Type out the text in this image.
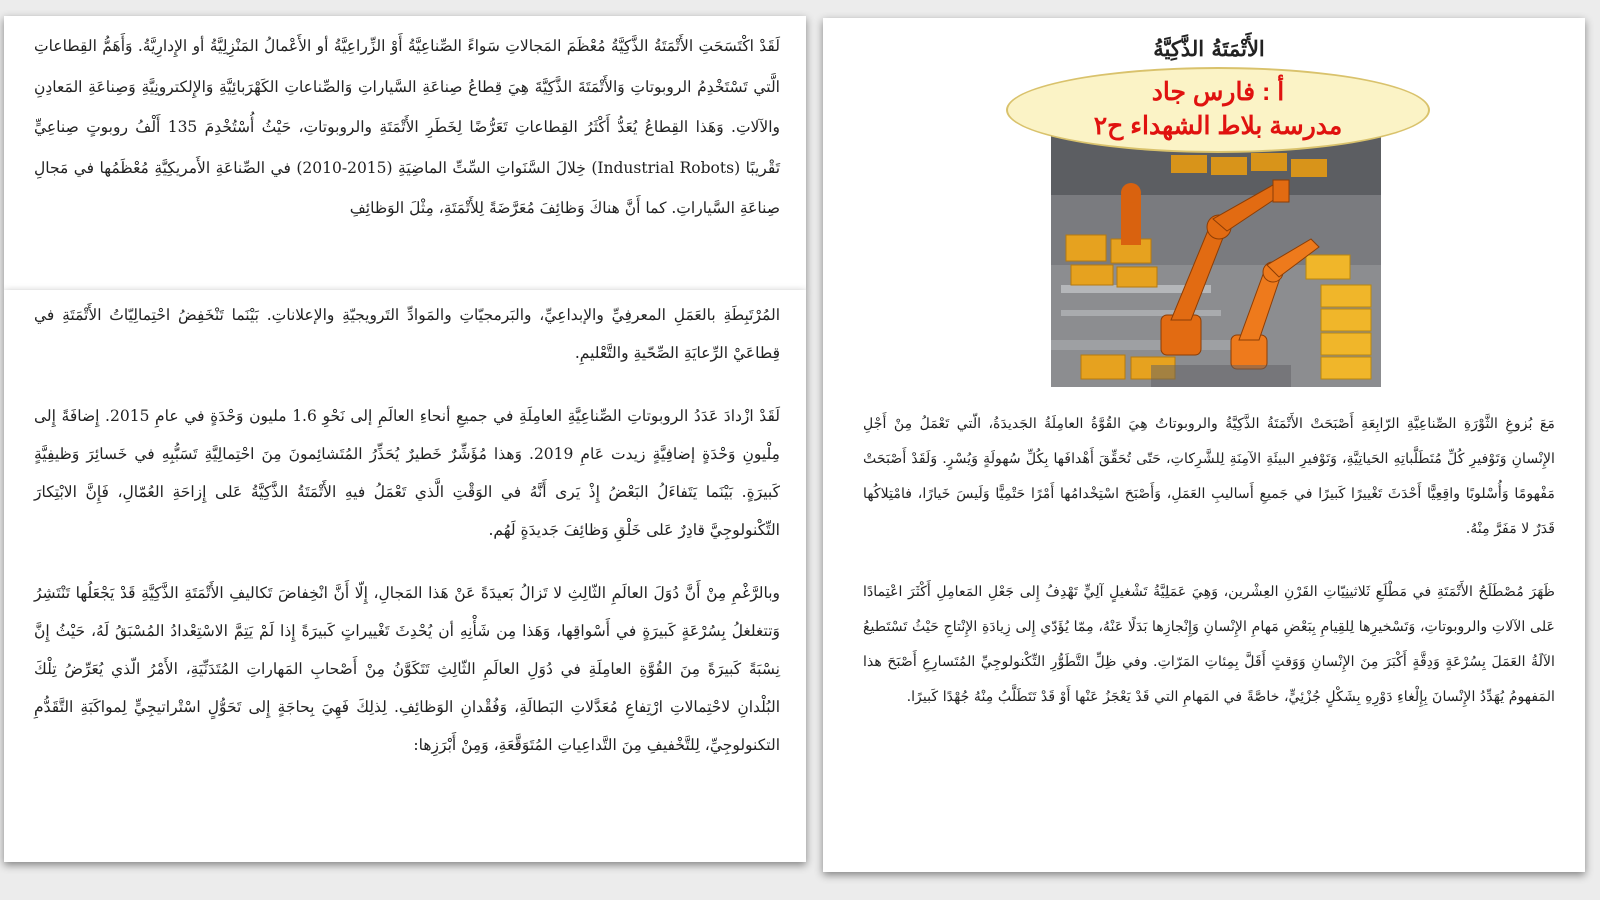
لَقَدْ اكْتَسَحَتِ الأَتْمَتَةُ الذَّكِيَّةُ مُعْظَمَ المَجالاتِ سَواءً الصِّناعِيَّةُ أَوْ الزِّراعِيَّةُ أو الأَعْمالُ المَنْزِلِيَّةُ أو الإِدارِيَّةُ. وَأَهَمُّ القِطاعاتِ الَّتي تَسْتَخْدِمُ الروبوتاتِ وَالأَتْمَتَةَ الذَّكِيَّةَ هِيَ قِطاعُ صِناعَةِ السَّياراتِ وَالصِّناعاتِ الكَهْرَبائِيَّةِ وَالإِلكترونِيَّةِ وَصِناعَةِ المَعادِنِ والآلاتِ. وَهَذا القِطاعُ يُعَدُّ أَكْثَرُ القِطاعاتِ تَعَرُّضًا لِخَطَرِ الأَتْمَتَةِ والروبوتاتِ، حَيْثُ أُسْتُخْدِمَ 135 أَلْفُ روبوتٍ صِناعِيٍّ تَقْريبًا (Industrial Robots) خِلالَ السَّنَواتِ السِّتِّ الماضِيَةِ (2015-2010) في الصِّناعَةِ الأَمريكِيَّةِ مُعْظَمُها في مَجالِ صِناعَةِ السَّياراتِ. كما أَنَّ هناكَ وَظائِفَ مُعَرَّضَةً لِلأَتْمَتَةِ، مِثْلَ الوَظائِفِ

المُرْتَبِطَةِ بالعَمَلِ المعرفِيِّ والإبداعِيِّ، والبَرمجيّاتِ والمَوادِّ التَرويجيّةِ والإعلاناتِ. بَيْنَما تَنْخَفِضُ احْتِمالِيّاتُ الأَتْمَتَةِ في قِطاعَيْ الرِّعايَةِ الصِّحّيةِ والتَّعْليمِ.

لَقَدْ ازْدادَ عَدَدُ الروبوتاتِ الصِّناعِيَّةِ العامِلَةِ في جميعِ أنحاءِ العالَمِ إلى نَحْوِ 1.6 مليون وَحْدَةٍ في عامِ 2015. إِضافَةً إِلى مِلْيونِ وَحْدَةٍ إضافِيَّةٍ زيدت عَامِ 2019. وَهذا مُؤَشِّرٌ خَطيرٌ يُحَذِّرُ المُتَشائِمونَ مِنَ احْتِمالِيَّةِ تَسَبُّبِهِ في خَسائِرَ وَظيفِيَّةٍ كَبيرَةٍ. بَيْنَما يَتَفاءَلُ البَعْضُ إِذْ يَرى أَنَّهُ في الوَقْتِ الَّذي تَعْمَلُ فيهِ الأَتْمَتَةُ الذَّكِيَّةُ عَلى إِزاحَةِ العُمّالِ، فَإِنَّ الابْتِكارَ التِّكْنولوجِيَّ قادِرٌ عَلى خَلْقِ وَظائِفَ جَديدَةٍ لَهُم.

وبالرَّغْمِ مِنْ أَنَّ دُوَلَ العالَمِ الثّالِثِ لا تَزالُ بَعيدَةً عَنْ هَذا المَجالِ، إِلّا أَنَّ انْخِفاضَ تَكاليفِ الأَتْمَتَةِ الذَّكِيَّةِ قَدْ يَجْعَلُها تَنْتَشِرُ وَتتغلغلُ بِسُرْعَةٍ كَبيرَةٍ في أَسْواقِها، وَهَذا مِن شَأْنِهِ أن يُحْدِثَ تَغْييراتٍ كَبيرَةً إِذا لَمْ يَتِمَّ الاسْتِعْدادُ المُسْبَقُ لَهُ، حَيْثُ إِنَّ نِسْبَةً كَبيرَةً مِنَ القُوَّةِ العامِلَةِ في دُوَلِ العالَمِ الثّالِثِ تَتَكَوَّنُ مِنْ أَصْحابِ المَهاراتِ المُتَدَنِّيَةِ، الأَمْرُ الّذي يُعَرِّضُ تِلْكَ البُلْدانِ لاحْتِمالاتِ ارْتِفاعِ مُعَدَّلاتِ البَطالَةِ، وَفُقْدانِ الوَظائِفِ. لِذلِكَ فَهِيَ بِحاجَةٍ إِلى تَحَوُّلٍ اسْتْراتيجِيٍّ لِمواكَبَةِ التَّقَدُّمِ التكنولوجِيِّ، لِلتَّخْفيفِ مِنَ التَّداعِياتِ المُتَوَقَّعَةِ، وَمِنْ أَبْرَزِها:

الأَتْمَتَةُ الذَّكِيَّةُ
أ : فارس جاد
مدرسة بلاط الشهداء ح٢

مَعَ بُزوغِ الثَّوْرَةِ الصِّناعِيَّةِ الرّابِعَةِ أَصْبَحَتْ الأَتْمَتَةُ الذَّكِيَّةُ والروبوتاتُ هِيَ القُوَّةُ العامِلَةُ الجَديدَةُ، الّتي تَعْمَلُ مِنْ أَجْلِ الإِنْسانِ وَتَوْفيرِ كُلِّ مُتَطَلَّباتِهِ الحَياتِيَّةِ، وَتَوْفيرِ البيئَةِ الآمِنَةِ لِلشَّرِكاتِ، حَتّى تُحَقِّقَ أَهْدافَها بِكُلِّ سُهولَةٍ وَيُسْرٍ. وَلَقَدْ أَصْبَحَتْ مَفْهومًا وَأُسْلوبًا واقِعِيًّا أَحْدَثَ تَغْييرًا كَبيرًا في جَميعِ أَساليبِ العَمَلِ، وَأَصْبَحَ اسْتِخْدامُها أَمْرًا حَتْمِيًّا وَلَيسَ خَيارًا، فامْتِلاكُها قَدَرٌ لا مَفَرَّ مِنْهُ.

ظَهَرَ مُصْطَلَحُ الأَتْمَتَةِ في مَطْلَعِ ثَلاثينِيّاتِ القَرْنِ العِشْرين، وَهِيَ عَمَلِيَّةُ تَشْغيلٍ آلِيٍّ تَهْدِفُ إِلى جَعْلِ المَعامِلِ أَكْثَرَ اعْتِمادًا عَلى الآلاتِ والروبوتاتِ، وَتَسْخيرِها لِلقِيامِ بِبَعْضِ مَهامِ الإِنْسانِ وَإِنْجازِها بَدَلًا عَنْهُ، مِمّا يُؤَدّي إِلى زِيادَةِ الإِنْتاجِ حَيْثُ تَسْتَطيعُ الآلَةُ العَمَلَ بِسُرْعَةٍ وَدِقَّةٍ أَكْبَرَ مِنَ الإِنْسانِ وَوَقتٍ أَقَلَّ بِمِئاتِ المَرّاتِ. وفي ظِلِّ التَّطَوُّرِ التِّكْنولوجِيِّ المُتَسارِعِ أَصْبَحَ هذا المَفهومُ يُهَدِّدُ الإِنْسانَ بِإِلْغاءِ دَوْرِهِ بِشَكْلٍ جُزْئِيٍّ، خاصَّةً في المَهامِ التي قَدْ يَعْجَزُ عَنْها أَوْ قَدْ تَتَطَلَّبُ مِنْهُ جُهْدًا كَبيرًا.
